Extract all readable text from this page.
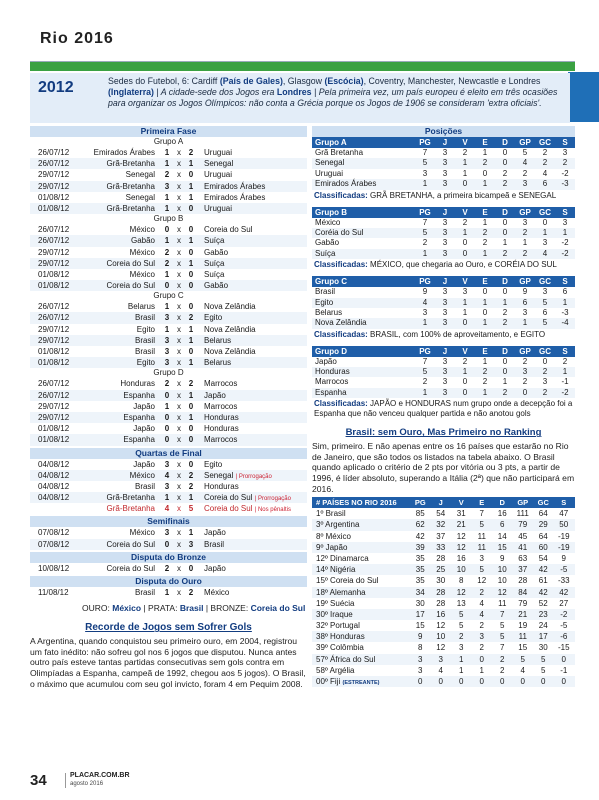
Rio 2016
2012	Sedes do Futebol, 6: Cardiff (País de Gales), Glasgow (Escócia), Coventry, Manchester, Newcastle e Londres (Inglaterra) | A cidade-sede dos Jogos era Londres | Pela primeira vez, um país europeu é eleito em três ocasiões para organizar os Jogos Olímpicos: não conta a Grécia porque os Jogos de 1906 se consideram 'extra oficiais'.
Primeira Fase
Grupo A
26/07/12	Emirados Árabes	1 x 2	Uruguai
26/07/12	Grã-Bretanha	1 x 1	Senegal
29/07/12	Senegal	2 x 0	Uruguai
29/07/12	Grã-Bretanha	3 x 1	Emirados Árabes
01/08/12	Senegal	1 x 1	Emirados Árabes
01/08/12	Grã-Bretanha	1 x 0	Uruguai
Grupo B
26/07/12	México	0 x 0	Coreia do Sul
26/07/12	Gabão	1 x 1	Suíça
29/07/12	México	2 x 0	Gabão
29/07/12	Coreia do Sul	2 x 1	Suíça
01/08/12	México	1 x 0	Suíça
01/08/12	Coreia do Sul	0 x 0	Gabão
Grupo C
26/07/12	Belarus	1 x 0	Nova Zelândia
26/07/12	Brasil	3 x 2	Egito
29/07/12	Egito	1 x 1	Nova Zelândia
29/07/12	Brasil	3 x 1	Belarus
01/08/12	Brasil	3 x 0	Nova Zelândia
01/08/12	Egito	3 x 1	Belarus
Grupo D
26/07/12	Honduras	2 x 2	Marrocos
26/07/12	Espanha	0 x 1	Japão
29/07/12	Japão	1 x 0	Marrocos
29/07/12	Espanha	0 x 1	Honduras
01/08/12	Japão	0 x 0	Honduras
01/08/12	Espanha	0 x 0	Marrocos
Quartas de Final
04/08/12	Japão	3 x 0	Egito
04/08/12	México	4 x 2	Senegal | Prorrogação
04/08/12	Brasil	3 x 2	Honduras
04/08/12	Grã-Bretanha	1 x 1	Coreia do Sul | Prorrogação
Grã-Bretanha	4 x 5	Coreia do Sul | Nos pênaltis
Semifinais
07/08/12	México	3 x 1	Japão
07/08/12	Coreia do Sul	0 x 3	Brasil
Disputa do Bronze
10/08/12	Coreia do Sul	2 x 0	Japão
Disputa do Ouro
11/08/12	Brasil	1 x 2	México
OURO: México | PRATA: Brasil | BRONZE: Coreia do Sul
Recorde de Jogos sem Sofrer Gols
A Argentina, quando conquistou seu primeiro ouro, em 2004, registrou um fato inédito: não sofreu gol nos 6 jogos que disputou. Nunca antes outro país esteve tantas partidas consecutivas sem gols contra em Olimpíadas a Espanha, campeã de 1992, chegou aos 5 jogos). O Brasil, o máximo que acumulou com seu gol invicto, foram 4 em Pequim 2008.
Posições
Grupo A	PG	J	V	E	D	GP	GC	S
Grã Bretanha	7	3	2	1	0	5	2	3
Senegal	5	3	1	2	0	4	2	2
Uruguai	3	3	1	0	2	2	4	-2
Emirados Árabes	1	3	0	1	2	3	6	-3
Classificadas: GRÃ BRETANHA, a primeira bicampeã e SENEGAL
Grupo B	PG	J	V	E	D	GP	GC	S
México	7	3	2	1	0	3	0	3
Coréia do Sul	5	3	1	2	0	2	1	1
Gabão	2	3	0	2	1	1	3	-2
Suíça	1	3	0	1	2	2	4	-2
Classificadas: MÉXICO, que chegaria ao Ouro, e CORÉIA DO SUL
Grupo C	PG	J	V	E	D	GP	GC	S
Brasil	9	3	3	0	0	9	3	6
Egito	4	3	1	1	1	6	5	1
Belarus	3	3	1	0	2	3	6	-3
Nova Zelândia	1	3	0	1	2	1	5	-4
Classificadas: BRASIL, com 100% de aproveitamento, e EGITO
Grupo D	PG	J	V	E	D	GP	GC	S
Japão	7	3	2	1	0	2	0	2
Honduras	5	3	1	2	0	3	2	1
Marrocos	2	3	0	2	1	2	3	-1
Espanha	1	3	0	1	2	0	2	-2
Classificadas: JAPÃO e HONDURAS num grupo onde a decepção foi a Espanha que não venceu qualquer partida e não anotou gols
Brasil: sem Ouro, Mas Primeiro no Ranking
Sim, primeiro. E não apenas entre os 16 países que estarão no Rio de Janeiro, que são todos os listados na tabela abaixo. O Brasil quando aplicado o critério de 2 pts por vitória ou 3 pts, a partir de 1996, é líder absoluto, superando a Itália (2ª) que não participará em 2016.
# PAÍSES NO RIO 2016	PG	J	V	E	D	GP	GC	S
1º Brasil	85	54	31	7	16	111	64	47
3º Argentina	62	32	21	5	6	79	29	50
8º México	42	37	12	11	14	45	64	-19
9º Japão	39	33	12	11	15	41	60	-19
12º Dinamarca	35	28	16	3	9	63	54	9
14º Nigéria	35	25	10	5	10	37	42	-5
15º Coreia do Sul	35	30	8	12	10	28	61	-33
18º Alemanha	34	28	12	2	12	84	42	42
19º Suécia	30	28	13	4	11	79	52	27
30º Iraque	17	16	5	4	7	21	23	-2
32º Portugal	15	12	5	2	5	19	24	-5
38º Honduras	9	10	2	3	5	11	17	-6
39º Colômbia	8	12	3	2	7	15	30	-15
57º África do Sul	3	3	1	0	2	5	5	0
58º Argélia	3	4	1	1	2	4	5	-1
00º Fiji (ESTREANTE)	0	0	0	0	0	0	0	0
34	PLACAR.COM.BR
agosto 2016
